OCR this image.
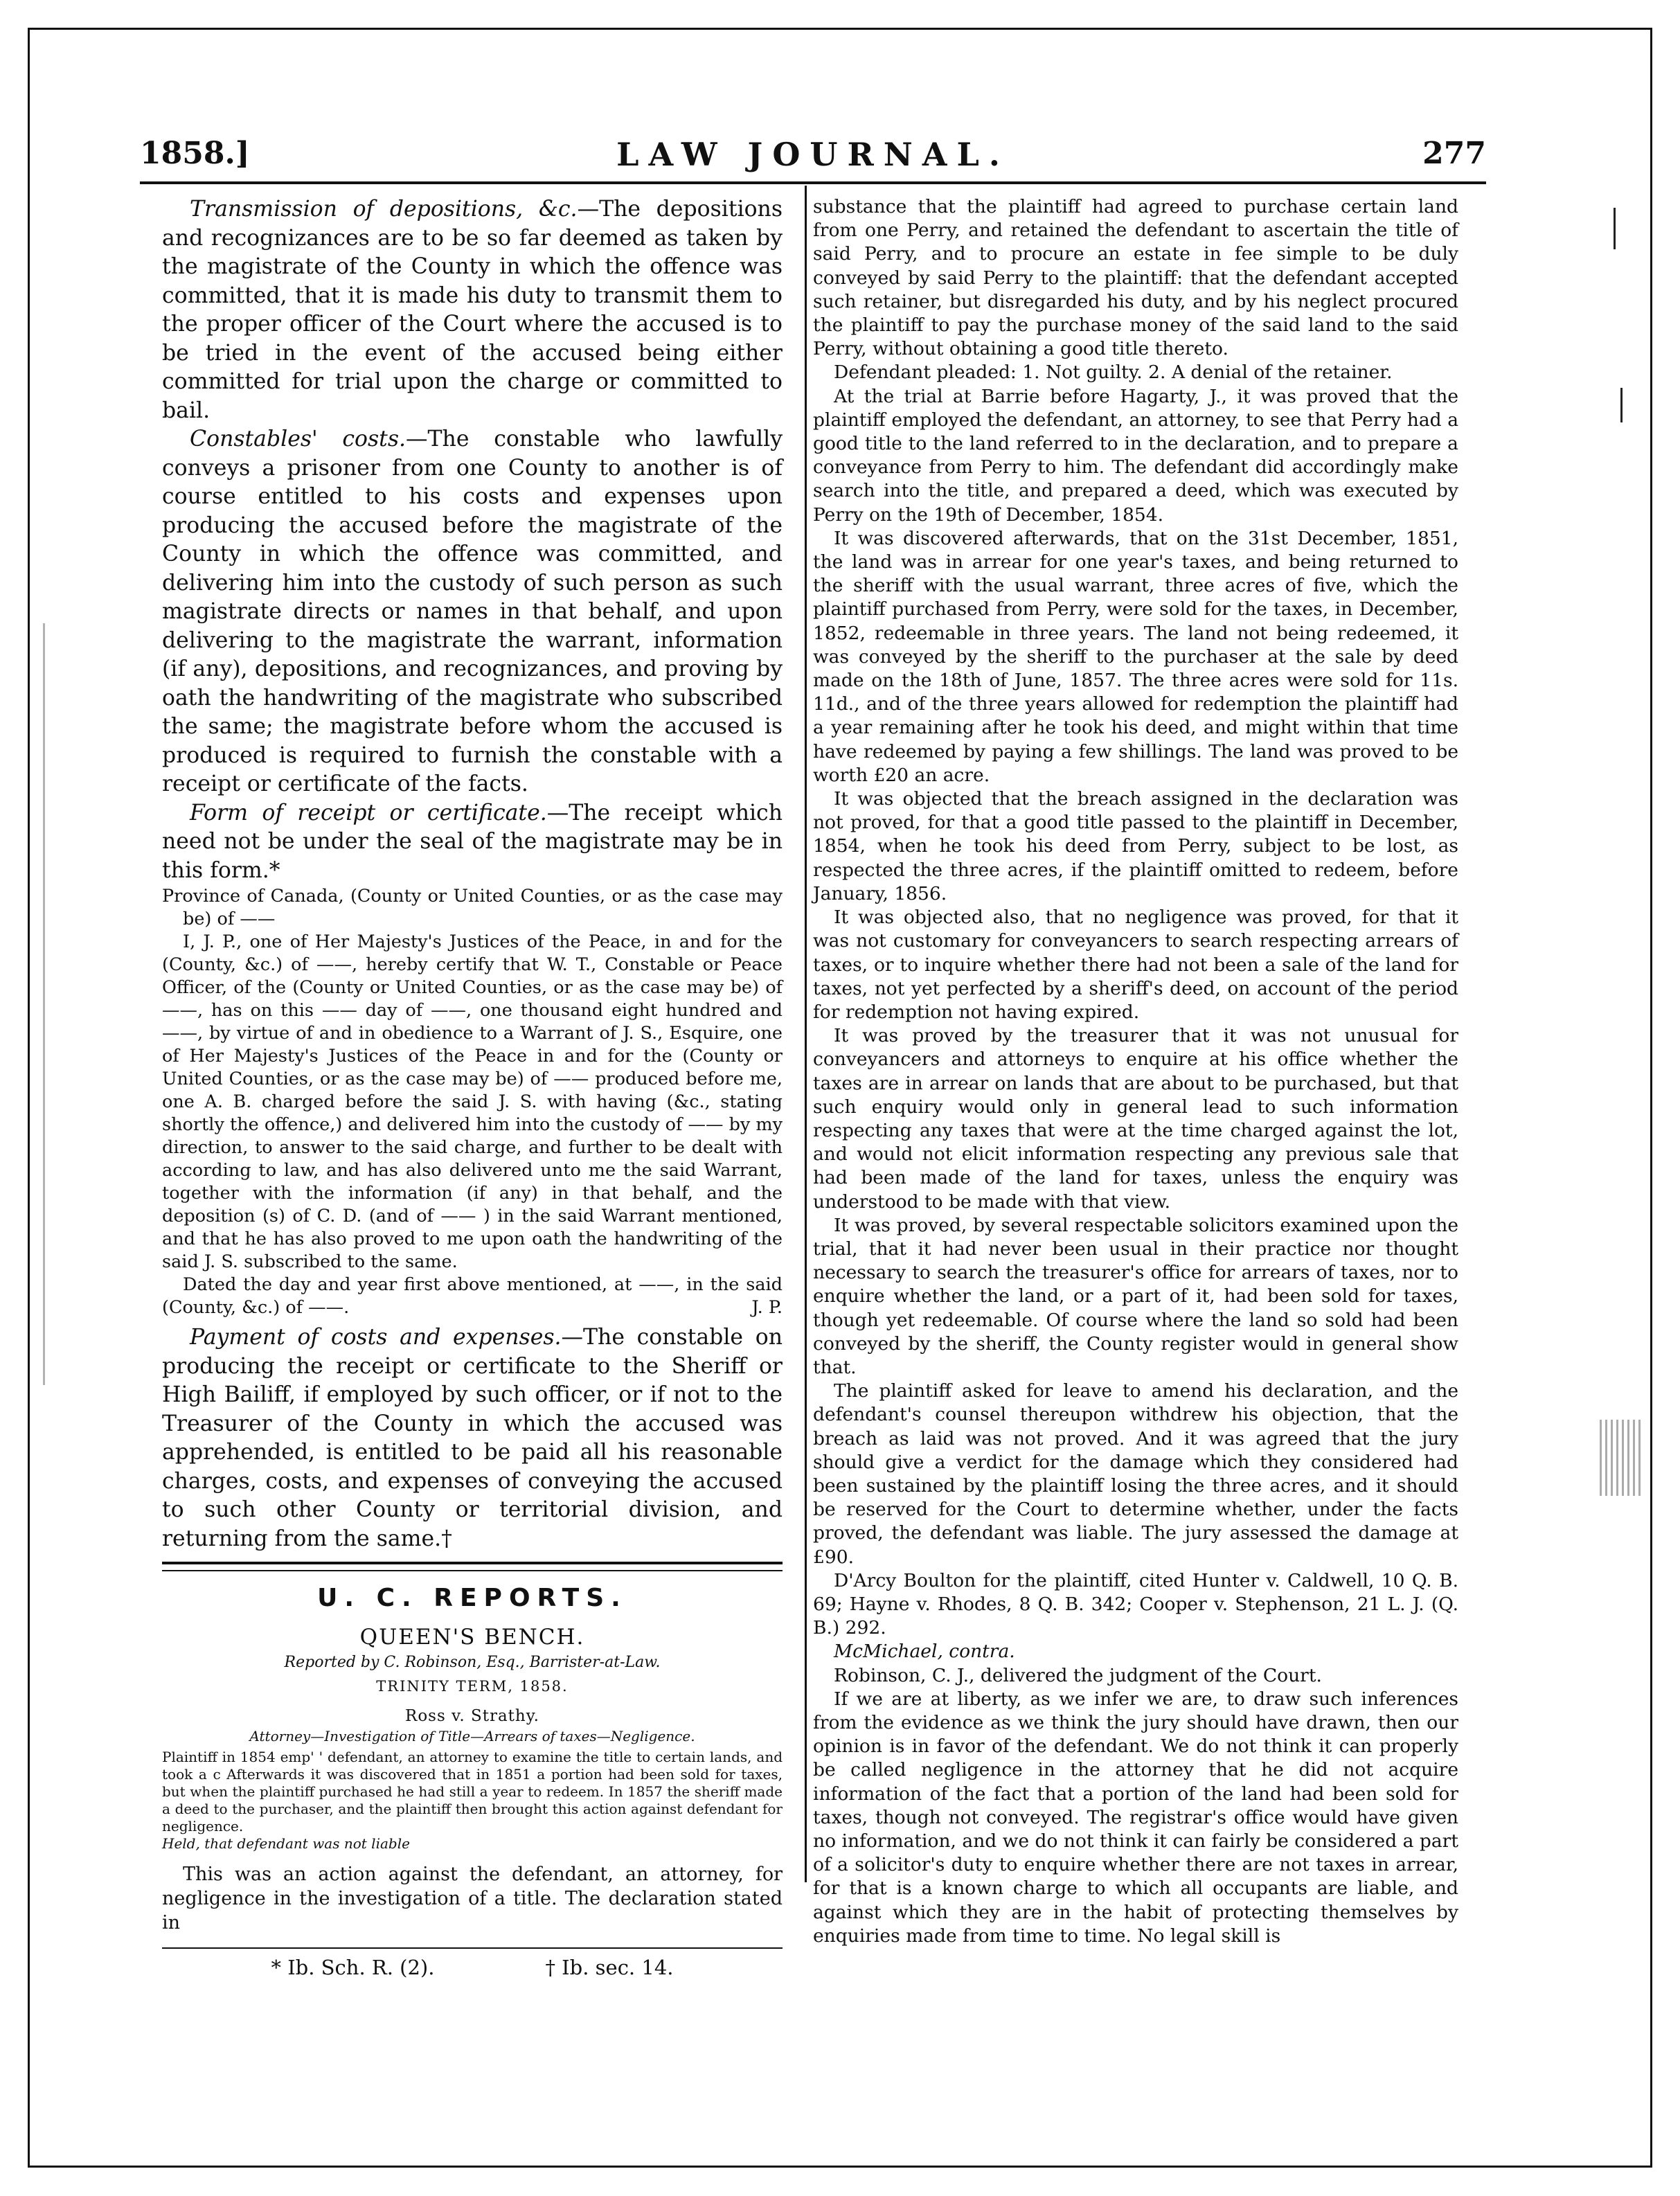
1858.]	LAW JOURNAL.	277

Transmission of depositions, &c.—The depositions and recognizances are to be so far deemed as taken by the magistrate of the County in which the offence was committed, that it is made his duty to transmit them to the proper officer of the Court where the accused is to be tried in the event of the accused being either committed for trial upon the charge or committed to bail.

Constables' costs.—The constable who lawfully conveys a prisoner from one County to another is of course entitled to his costs and expenses upon producing the accused before the magistrate of the County in which the offence was committed, and delivering him into the custody of such person as such magistrate directs or names in that behalf, and upon delivering to the magistrate the warrant, information (if any), depositions, and recognizances, and proving by oath the handwriting of the magistrate who subscribed the same; the magistrate before whom the accused is produced is required to furnish the constable with a receipt or certificate of the facts.

Form of receipt or certificate.—The receipt which need not be under the seal of the magistrate may be in this form.*

Province of Canada, (County or United Counties, or as the case may be) of ——

I, J. P., one of Her Majesty's Justices of the Peace, in and for the (County, &c.) of ——, hereby certify that W. T., Constable or Peace Officer, of the (County or United Counties, or as the case may be) of ——, has on this —— day of ——, one thousand eight hundred and ——, by virtue of and in obedience to a Warrant of J. S., Esquire, one of Her Majesty's Justices of the Peace in and for the (County or United Counties, or as the case may be) of —— produced before me, one A. B. charged before the said J. S. with having (&c., stating shortly the offence,) and delivered him into the custody of —— by my direction, to answer to the said charge, and further to be dealt with according to law, and has also delivered unto me the said Warrant, together with the information (if any) in that behalf, and the deposition (s) of C. D. (and of —— ) in the said Warrant mentioned, and that he has also proved to me upon oath the handwriting of the said J. S. subscribed to the same.

Dated the day and year first above mentioned, at ——, in the said (County, &c.) of ——.	J. P.

Payment of costs and expenses.—The constable on producing the receipt or certificate to the Sheriff or High Bailiff, if employed by such officer, or if not to the Treasurer of the County in which the accused was apprehended, is entitled to be paid all his reasonable charges, costs, and expenses of conveying the accused to such other County or territorial division, and returning from the same.†

U. C. REPORTS.
QUEEN'S BENCH.
Reported by C. Robinson, Esq., Barrister-at-Law.
TRINITY TERM, 1858.
Ross v. Strathy.
Attorney—Investigation of Title—Arrears of taxes—Negligence.
Plaintiff in 1854 emp' ' defendant, an attorney to examine the title to certain lands, and took a c Afterwards it was discovered that in 1851 a portion had been sold for taxes, but when the plaintiff purchased he had still a year to redeem. In 1857 the sheriff made a deed to the purchaser, and the plaintiff then brought this action against defendant for negligence.
Held, that defendant was not liable

This was an action against the defendant, an attorney, for negligence in the investigation of a title. The declaration stated in

* Ib. Sch. R. (2).	† Ib. sec. 14.

substance that the plaintiff had agreed to purchase certain land from one Perry, and retained the defendant to ascertain the title of said Perry, and to procure an estate in fee simple to be duly conveyed by said Perry to the plaintiff: that the defendant accepted such retainer, but disregarded his duty, and by his neglect procured the plaintiff to pay the purchase money of the said land to the said Perry, without obtaining a good title thereto.

Defendant pleaded: 1. Not guilty. 2. A denial of the retainer.

At the trial at Barrie before Hagarty, J., it was proved that the plaintiff employed the defendant, an attorney, to see that Perry had a good title to the land referred to in the declaration, and to prepare a conveyance from Perry to him. The defendant did accordingly make search into the title, and prepared a deed, which was executed by Perry on the 19th of December, 1854.

It was discovered afterwards, that on the 31st December, 1851, the land was in arrear for one year's taxes, and being returned to the sheriff with the usual warrant, three acres of five, which the plaintiff purchased from Perry, were sold for the taxes, in December, 1852, redeemable in three years. The land not being redeemed, it was conveyed by the sheriff to the purchaser at the sale by deed made on the 18th of June, 1857. The three acres were sold for 11s. 11d., and of the three years allowed for redemption the plaintiff had a year remaining after he took his deed, and might within that time have redeemed by paying a few shillings. The land was proved to be worth £20 an acre.

It was objected that the breach assigned in the declaration was not proved, for that a good title passed to the plaintiff in December, 1854, when he took his deed from Perry, subject to be lost, as respected the three acres, if the plaintiff omitted to redeem, before January, 1856.

It was objected also, that no negligence was proved, for that it was not customary for conveyancers to search respecting arrears of taxes, or to inquire whether there had not been a sale of the land for taxes, not yet perfected by a sheriff's deed, on account of the period for redemption not having expired.

It was proved by the treasurer that it was not unusual for conveyancers and attorneys to enquire at his office whether the taxes are in arrear on lands that are about to be purchased, but that such enquiry would only in general lead to such information respecting any taxes that were at the time charged against the lot, and would not elicit information respecting any previous sale that had been made of the land for taxes, unless the enquiry was understood to be made with that view.

It was proved, by several respectable solicitors examined upon the trial, that it had never been usual in their practice nor thought necessary to search the treasurer's office for arrears of taxes, nor to enquire whether the land, or a part of it, had been sold for taxes, though yet redeemable. Of course where the land so sold had been conveyed by the sheriff, the County register would in general show that.

The plaintiff asked for leave to amend his declaration, and the defendant's counsel thereupon withdrew his objection, that the breach as laid was not proved. And it was agreed that the jury should give a verdict for the damage which they considered had been sustained by the plaintiff losing the three acres, and it should be reserved for the Court to determine whether, under the facts proved, the defendant was liable. The jury assessed the damage at £90.

D'Arcy Boulton for the plaintiff, cited Hunter v. Caldwell, 10 Q. B. 69; Hayne v. Rhodes, 8 Q. B. 342; Cooper v. Stephenson, 21 L. J. (Q. B.) 292.

McMichael, contra.

Robinson, C. J., delivered the judgment of the Court.

If we are at liberty, as we infer we are, to draw such inferences from the evidence as we think the jury should have drawn, then our opinion is in favor of the defendant. We do not think it can properly be called negligence in the attorney that he did not acquire information of the fact that a portion of the land had been sold for taxes, though not conveyed. The registrar's office would have given no information, and we do not think it can fairly be considered a part of a solicitor's duty to enquire whether there are not taxes in arrear, for that is a known charge to which all occupants are liable, and against which they are in the habit of protecting themselves by enquiries made from time to time. No legal skill is
